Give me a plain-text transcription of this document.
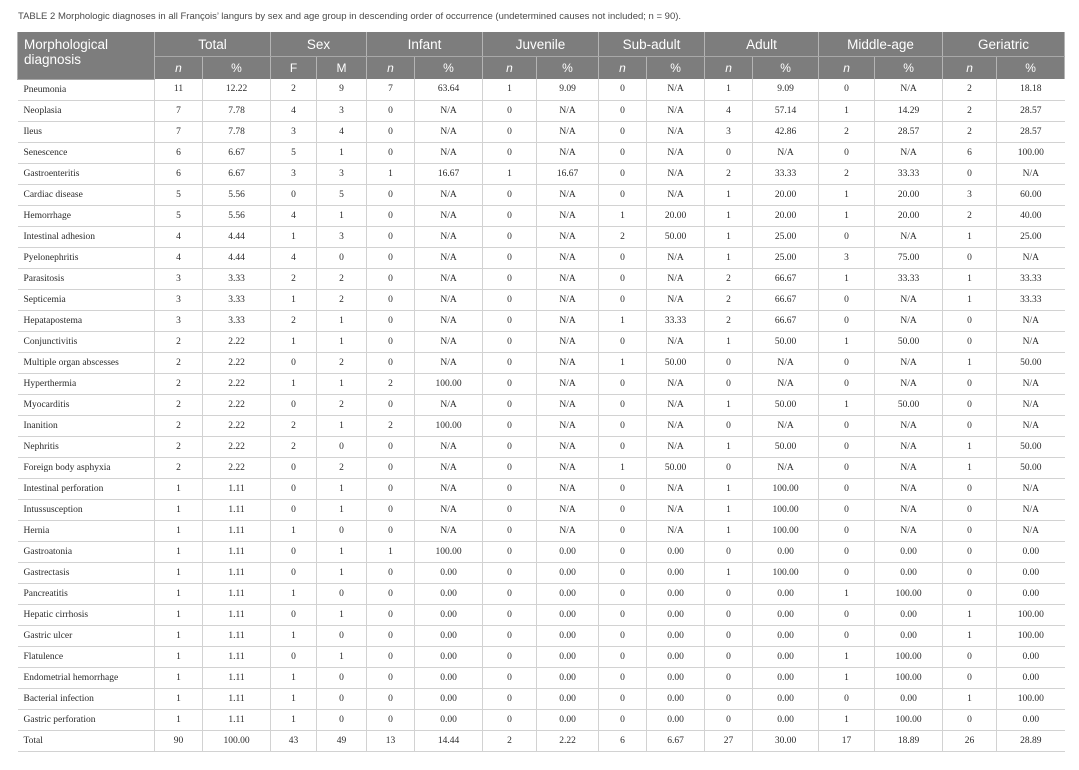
TABLE 2 Morphologic diagnoses in all François’ langurs by sex and age group in descending order of occurrence (undetermined causes not included; n = 90).
Morphological diagnosis	Total		Sex		Infant		Juvenile		Sub-adult		Adult		Middle-age		Geriatric	
	n	%	F	M	n	%	n	%	n	%	n	%	n	%	n	%
Pneumonia	11	12.22	2	9	7	63.64	1	9.09	0	N/A	1	9.09	0	N/A	2	18.18
Neoplasia	7	7.78	4	3	0	N/A	0	N/A	0	N/A	4	57.14	1	14.29	2	28.57
Ileus	7	7.78	3	4	0	N/A	0	N/A	0	N/A	3	42.86	2	28.57	2	28.57
Senescence	6	6.67	5	1	0	N/A	0	N/A	0	N/A	0	N/A	0	N/A	6	100.00
Gastroenteritis	6	6.67	3	3	1	16.67	1	16.67	0	N/A	2	33.33	2	33.33	0	N/A
Cardiac disease	5	5.56	0	5	0	N/A	0	N/A	0	N/A	1	20.00	1	20.00	3	60.00
Hemorrhage	5	5.56	4	1	0	N/A	0	N/A	1	20.00	1	20.00	1	20.00	2	40.00
Intestinal adhesion	4	4.44	1	3	0	N/A	0	N/A	2	50.00	1	25.00	0	N/A	1	25.00
Pyelonephritis	4	4.44	4	0	0	N/A	0	N/A	0	N/A	1	25.00	3	75.00	0	N/A
Parasitosis	3	3.33	2	2	0	N/A	0	N/A	0	N/A	2	66.67	1	33.33	1	33.33
Septicemia	3	3.33	1	2	0	N/A	0	N/A	0	N/A	2	66.67	0	N/A	1	33.33
Hepatapostema	3	3.33	2	1	0	N/A	0	N/A	1	33.33	2	66.67	0	N/A	0	N/A
Conjunctivitis	2	2.22	1	1	0	N/A	0	N/A	0	N/A	1	50.00	1	50.00	0	N/A
Multiple organ abscesses	2	2.22	0	2	0	N/A	0	N/A	1	50.00	0	N/A	0	N/A	1	50.00
Hyperthermia	2	2.22	1	1	2	100.00	0	N/A	0	N/A	0	N/A	0	N/A	0	N/A
Myocarditis	2	2.22	0	2	0	N/A	0	N/A	0	N/A	1	50.00	1	50.00	0	N/A
Inanition	2	2.22	2	1	2	100.00	0	N/A	0	N/A	0	N/A	0	N/A	0	N/A
Nephritis	2	2.22	2	0	0	N/A	0	N/A	0	N/A	1	50.00	0	N/A	1	50.00
Foreign body asphyxia	2	2.22	0	2	0	N/A	0	N/A	1	50.00	0	N/A	0	N/A	1	50.00
Intestinal perforation	1	1.11	0	1	0	N/A	0	N/A	0	N/A	1	100.00	0	N/A	0	N/A
Intussusception	1	1.11	0	1	0	N/A	0	N/A	0	N/A	1	100.00	0	N/A	0	N/A
Hernia	1	1.11	1	0	0	N/A	0	N/A	0	N/A	1	100.00	0	N/A	0	N/A
Gastroatonia	1	1.11	0	1	1	100.00	0	0.00	0	0.00	0	0.00	0	0.00	0	0.00
Gastrectasis	1	1.11	0	1	0	0.00	0	0.00	0	0.00	1	100.00	0	0.00	0	0.00
Pancreatitis	1	1.11	1	0	0	0.00	0	0.00	0	0.00	0	0.00	1	100.00	0	0.00
Hepatic cirrhosis	1	1.11	0	1	0	0.00	0	0.00	0	0.00	0	0.00	0	0.00	1	100.00
Gastric ulcer	1	1.11	1	0	0	0.00	0	0.00	0	0.00	0	0.00	0	0.00	1	100.00
Flatulence	1	1.11	0	1	0	0.00	0	0.00	0	0.00	0	0.00	1	100.00	0	0.00
Endometrial hemorrhage	1	1.11	1	0	0	0.00	0	0.00	0	0.00	0	0.00	1	100.00	0	0.00
Bacterial infection	1	1.11	1	0	0	0.00	0	0.00	0	0.00	0	0.00	0	0.00	1	100.00
Gastric perforation	1	1.11	1	0	0	0.00	0	0.00	0	0.00	0	0.00	1	100.00	0	0.00
Total	90	100.00	43	49	13	14.44	2	2.22	6	6.67	27	30.00	17	18.89	26	28.89
